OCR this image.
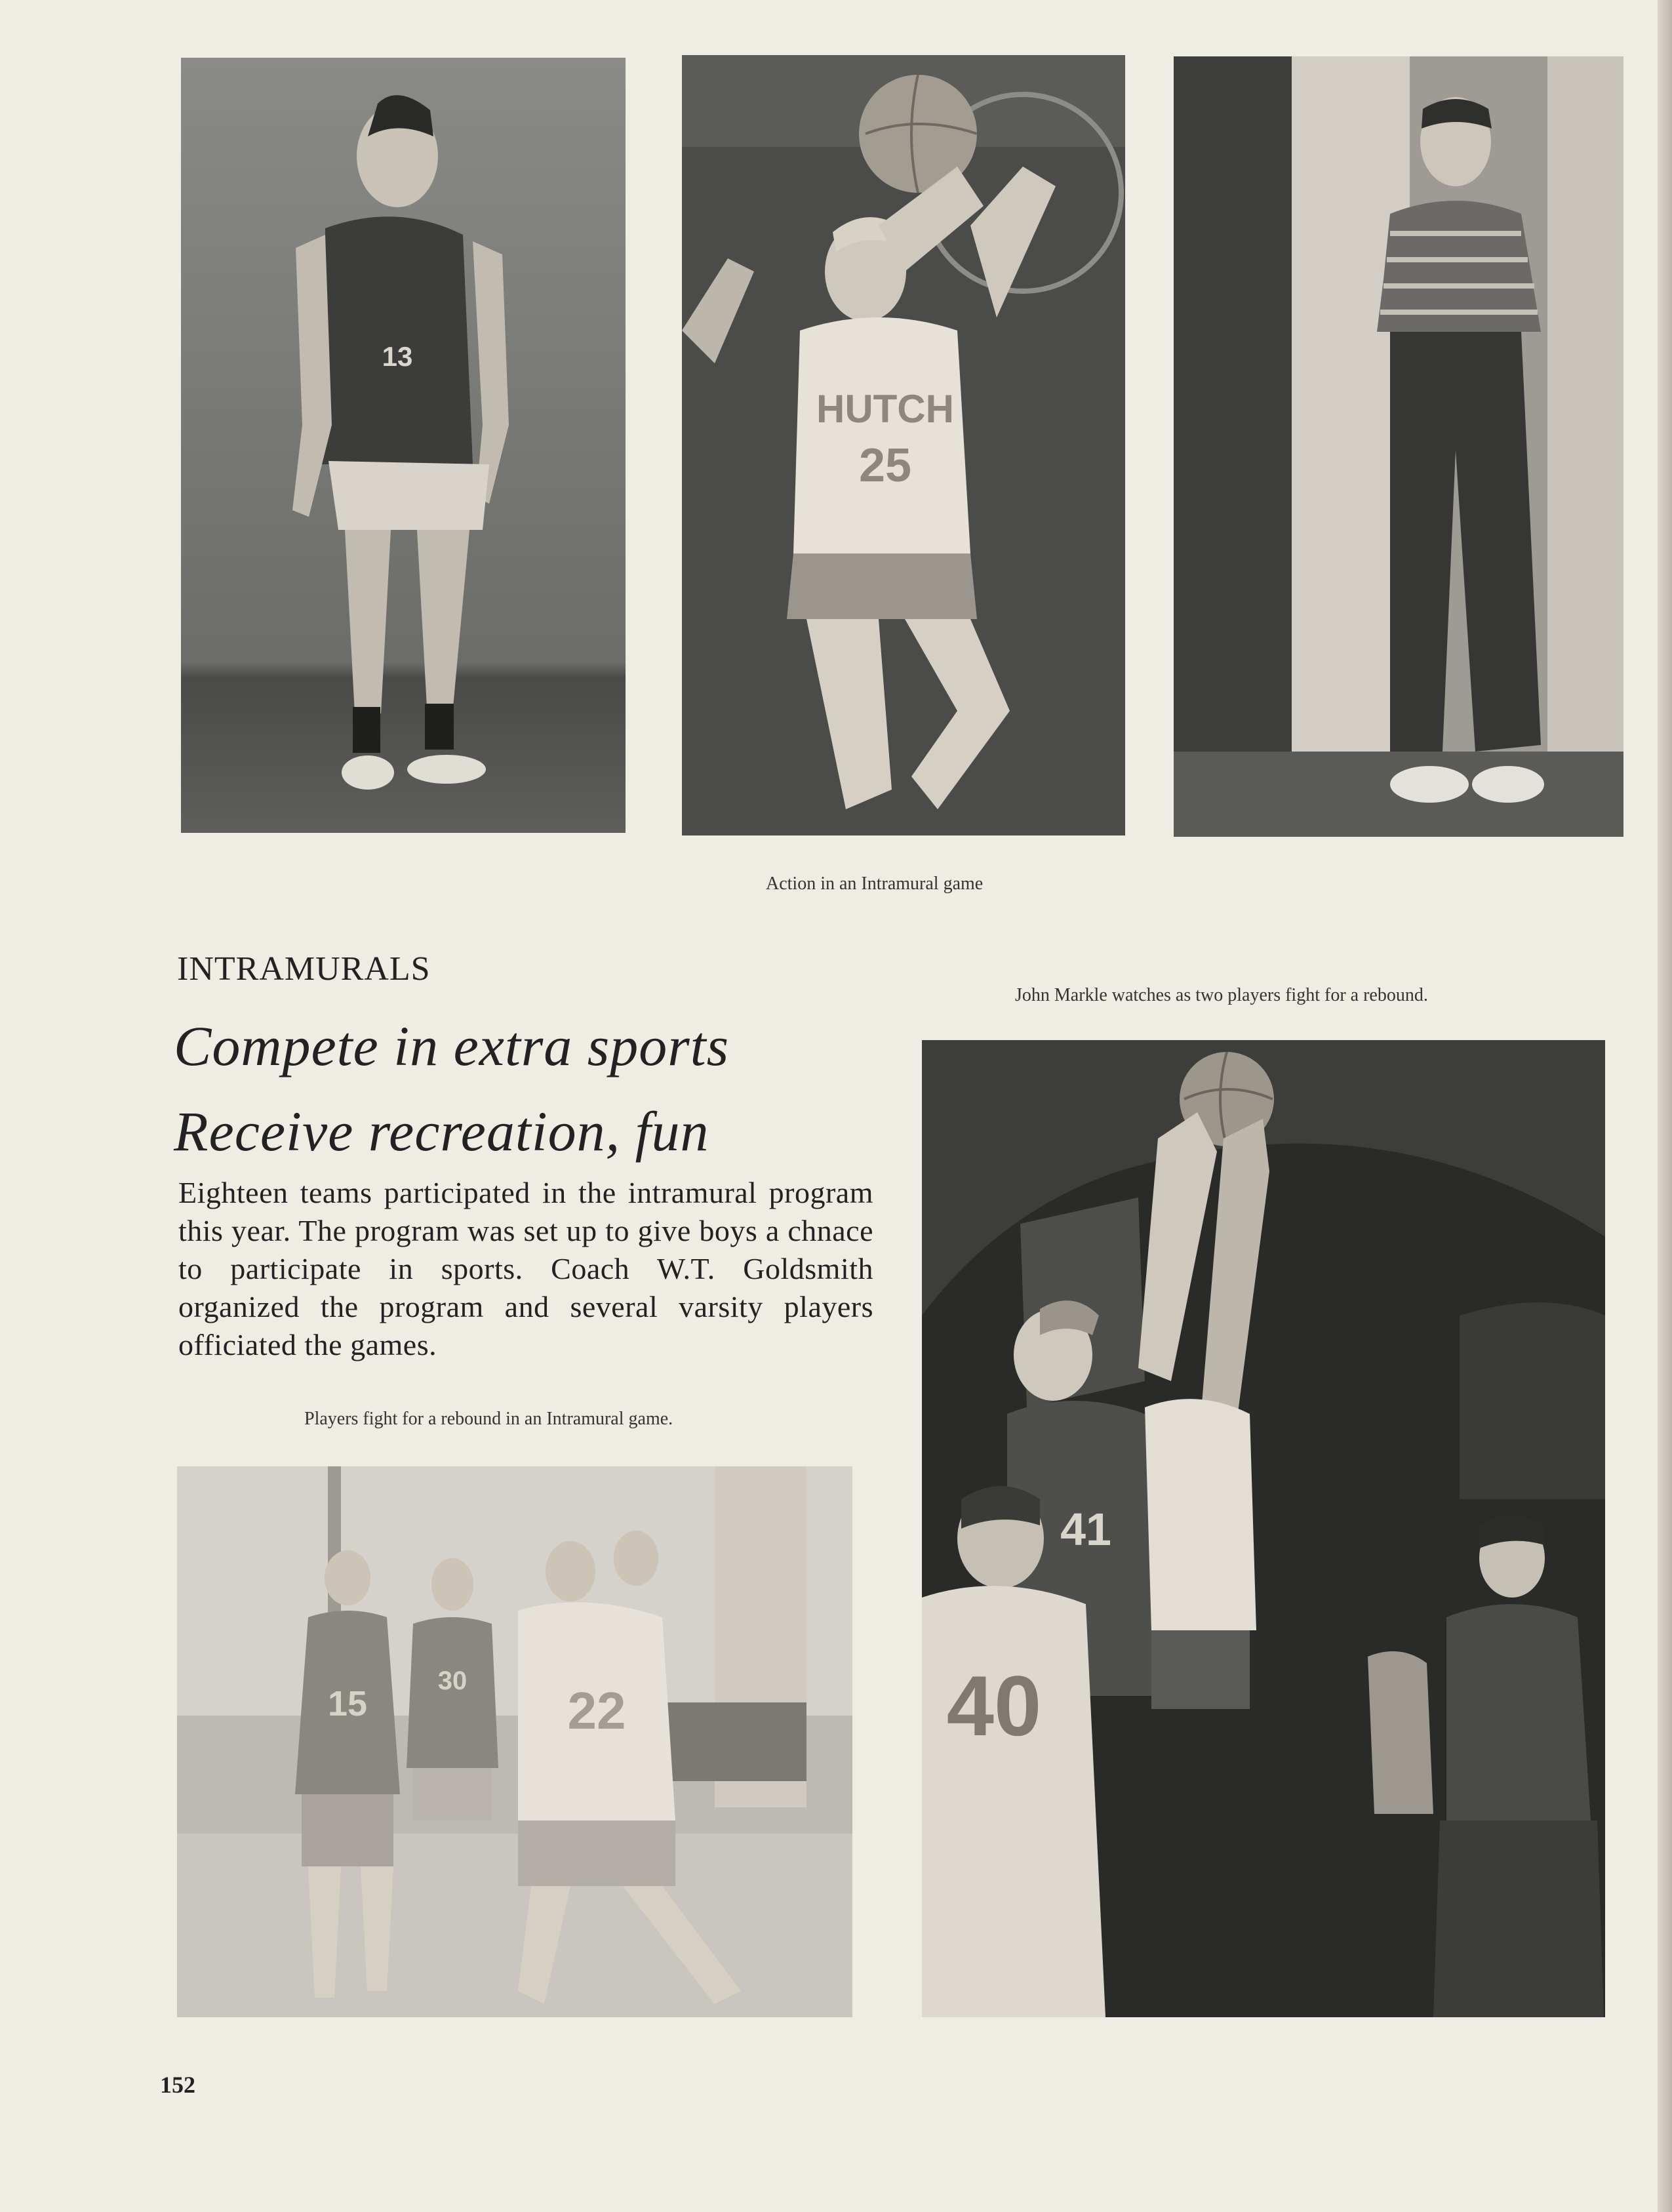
13
HUTCH
25
Action in an Intramural game
INTRAMURALS
Compete in extra sports
Receive recreation, fun
Eighteen teams participated in the intramural program this year. The program was set up to give boys a chnace to participate in sports. Coach W.T. Goldsmith organized the program and several varsity players officiated the games.
John Markle watches as two players fight for a rebound.
Players fight for a rebound in an Intramural game.
15
30
22
41
40
152
